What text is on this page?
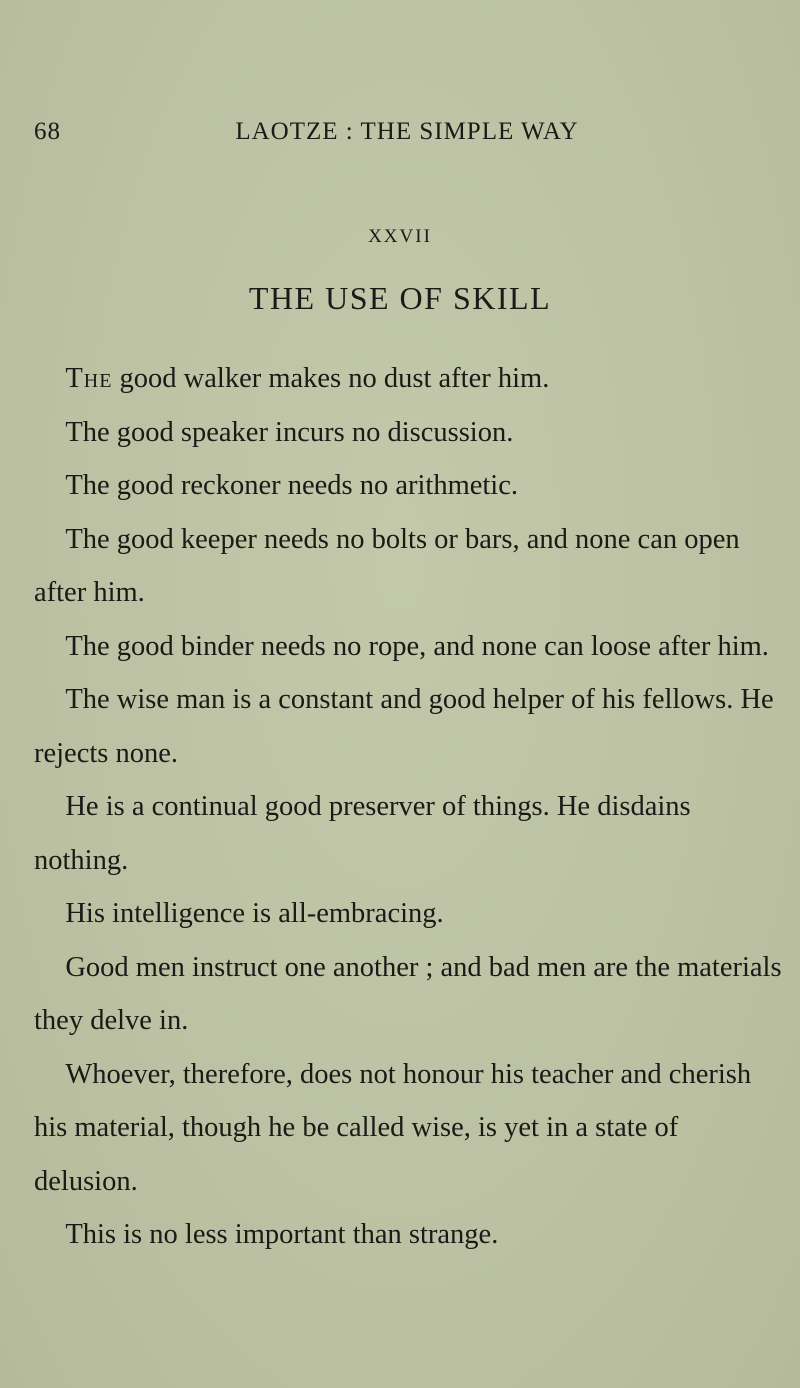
68	LAOTZE : THE SIMPLE WAY
XXVII
THE USE OF SKILL

The good walker makes no dust after him.

The good speaker incurs no discussion.

The good reckoner needs no arithmetic.

The good keeper needs no bolts or bars, and none can open after him.

The good binder needs no rope, and none can loose after him.

The wise man is a constant and good helper of his fellows. He rejects none.

He is a continual good preserver of things. He disdains nothing.

His intelligence is all-embracing.

Good men instruct one another ; and bad men are the materials they delve in.

Whoever, therefore, does not honour his teacher and cherish his material, though he be called wise, is yet in a state of delusion.

This is no less important than strange.
